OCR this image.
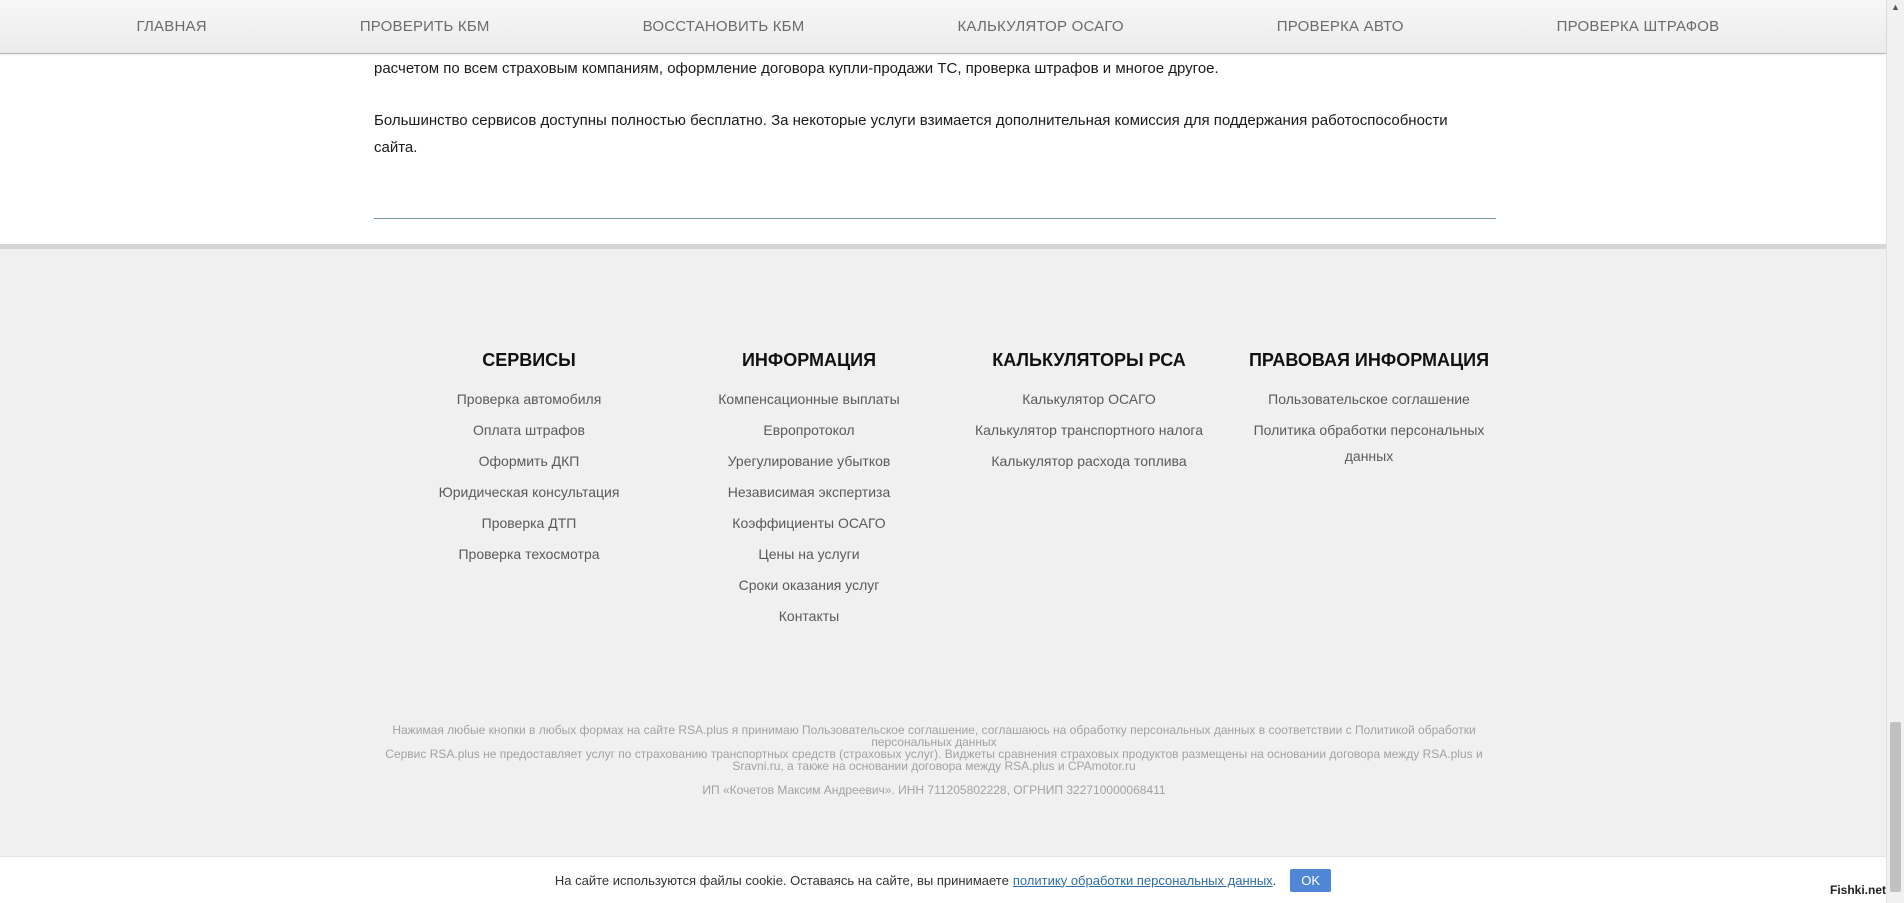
ГЛАВНАЯ	ПРОВЕРИТЬ КБМ	ВОССТАНОВИТЬ КБМ	КАЛЬКУЛЯТОР ОСАГО	ПРОВЕРКА АВТО	ПРОВЕРКА ШТРАФОВ

расчетом по всем страховым компаниям, оформление договора купли-продажи ТС, проверка штрафов и многое другое.

Большинство сервисов доступны полностью бесплатно. За некоторые услуги взимается дополнительная комиссия для поддержания работоспособности
сайта.

СЕРВИСЫ
Проверка автомобиля
Оплата штрафов
Оформить ДКП
Юридическая консультация
Проверка ДТП
Проверка техосмотра
ИНФОРМАЦИЯ
Компенсационные выплаты
Европротокол
Урегулирование убытков
Независимая экспертиза
Коэффициенты ОСАГО
Цены на услуги
Сроки оказания услуг
Контакты
КАЛЬКУЛЯТОРЫ РСА
Калькулятор ОСАГО
Калькулятор транспортного налога
Калькулятор расхода топлива
ПРАВОВАЯ ИНФОРМАЦИЯ
Пользовательское соглашение
Политика обработки персональных данных

Нажимая любые кнопки в любых формах на сайте RSA.plus я принимаю Пользовательское соглашение, соглашаюсь на обработку персональных данных в соответствии с Политикой обработки персональных данных

Сервис RSA.plus не предоставляет услуг по страхованию транспортных средств (страховых услуг). Виджеты сравнения страховых продуктов размещены на основании договора между RSA.plus и Sravni.ru, а также на основании договора между RSA.plus и CPAmotor.ru

ИП «Кочетов Максим Андреевич». ИНН 711205802228, ОГРНИП 322710000068411

На сайте используются файлы cookie. Оставаясь на сайте, вы принимаете политику обработки персональных данных .	OK
▲
Fishki.net
